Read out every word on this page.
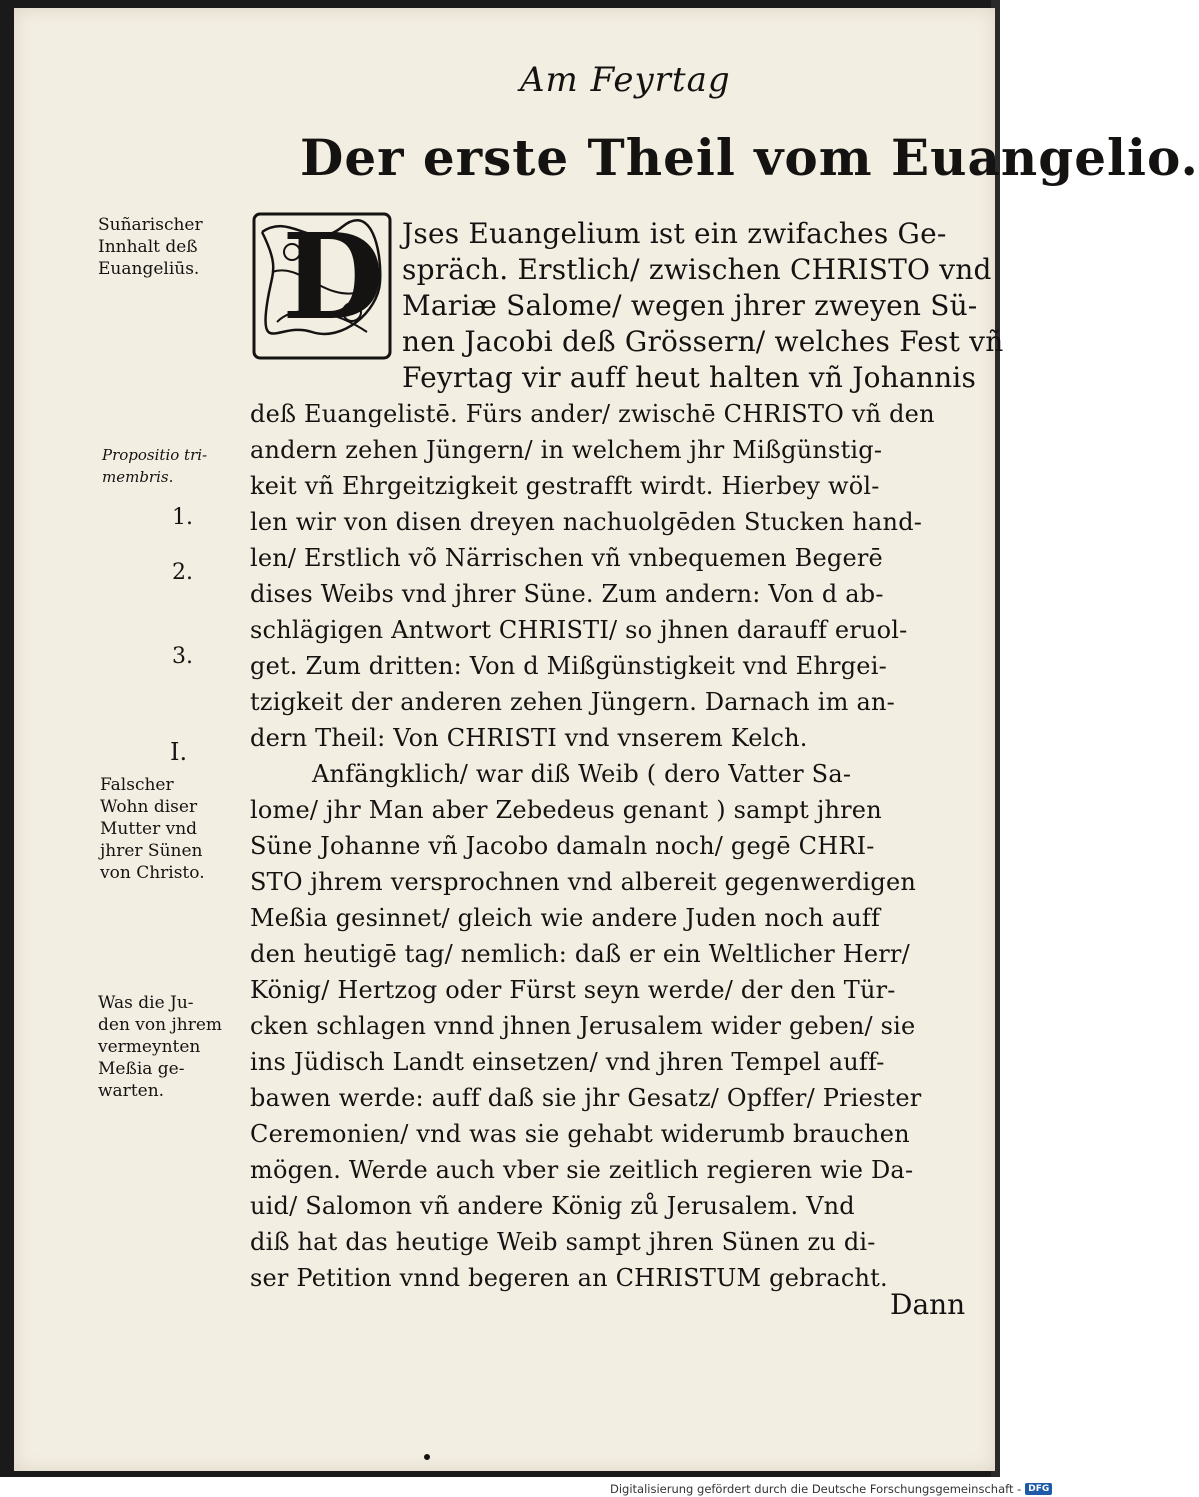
Am Feyrtag
Der erste Theil vom Euangelio.
D Jses Euangelium ist ein zwifaches Ge-
spräch. Erstlich/ zwischen CHRISTO vnd
Mariæ Salome/ wegen jhrer zweyen Sü-
nen Jacobi deß Grössern/ welches Fest vñ
Feyrtag vir auff heut halten vñ Johannis
deß Euangelistē. Fürs ander/ zwischē CHRISTO vñ den
andern zehen Jüngern/ in welchem jhr Mißgünstig-
keit vñ Ehrgeitzigkeit gestrafft wirdt. Hierbey wöl-
len wir von disen dreyen nachuolgēden Stucken hand-
len/ Erstlich võ Närrischen vñ vnbequemen Begerē
dises Weibs vnd jhrer Süne. Zum andern: Von d ab-
schlägigen Antwort CHRISTI/ so jhnen darauff eruol-
get. Zum dritten: Von d Mißgünstigkeit vnd Ehrgei-
tzigkeit der anderen zehen Jüngern. Darnach im an-
dern Theil: Von CHRISTI vnd vnserem Kelch.
Anfängklich/ war diß Weib ( dero Vatter Sa-
lome/ jhr Man aber Zebedeus genant ) sampt jhren
Süne Johanne vñ Jacobo damaln noch/ gegē CHRI-
STO jhrem versprochnen vnd albereit gegenwerdigen
Meßia gesinnet/ gleich wie andere Juden noch auff
den heutigē tag/ nemlich: daß er ein Weltlicher Herr/
König/ Hertzog oder Fürst seyn werde/ der den Tür-
cken schlagen vnnd jhnen Jerusalem wider geben/ sie
ins Jüdisch Landt einsetzen/ vnd jhren Tempel auff-
bawen werde: auff daß sie jhr Gesatz/ Opffer/ Priester
Ceremonien/ vnd was sie gehabt widerumb brauchen
mögen. Werde auch vber sie zeitlich regieren wie Da-
uid/ Salomon vñ andere König zů Jerusalem. Vnd
diß hat das heutige Weib sampt jhren Sünen zu di-
ser Petition vnnd begeren an CHRISTUM gebracht.
Suñarischer
Innhalt deß
Euangeliūs.
Propositio tri-
membris.
1.
2.
3.
I.
Falscher
Wohn diser
Mutter vnd
jhrer Sünen
von Christo.
Was die Ju-
den von jhrem
vermeynten
Meßia ge-
warten.
Dann
Digitalisierung gefördert durch die Deutsche Forschungsgemeinschaft - DFG
